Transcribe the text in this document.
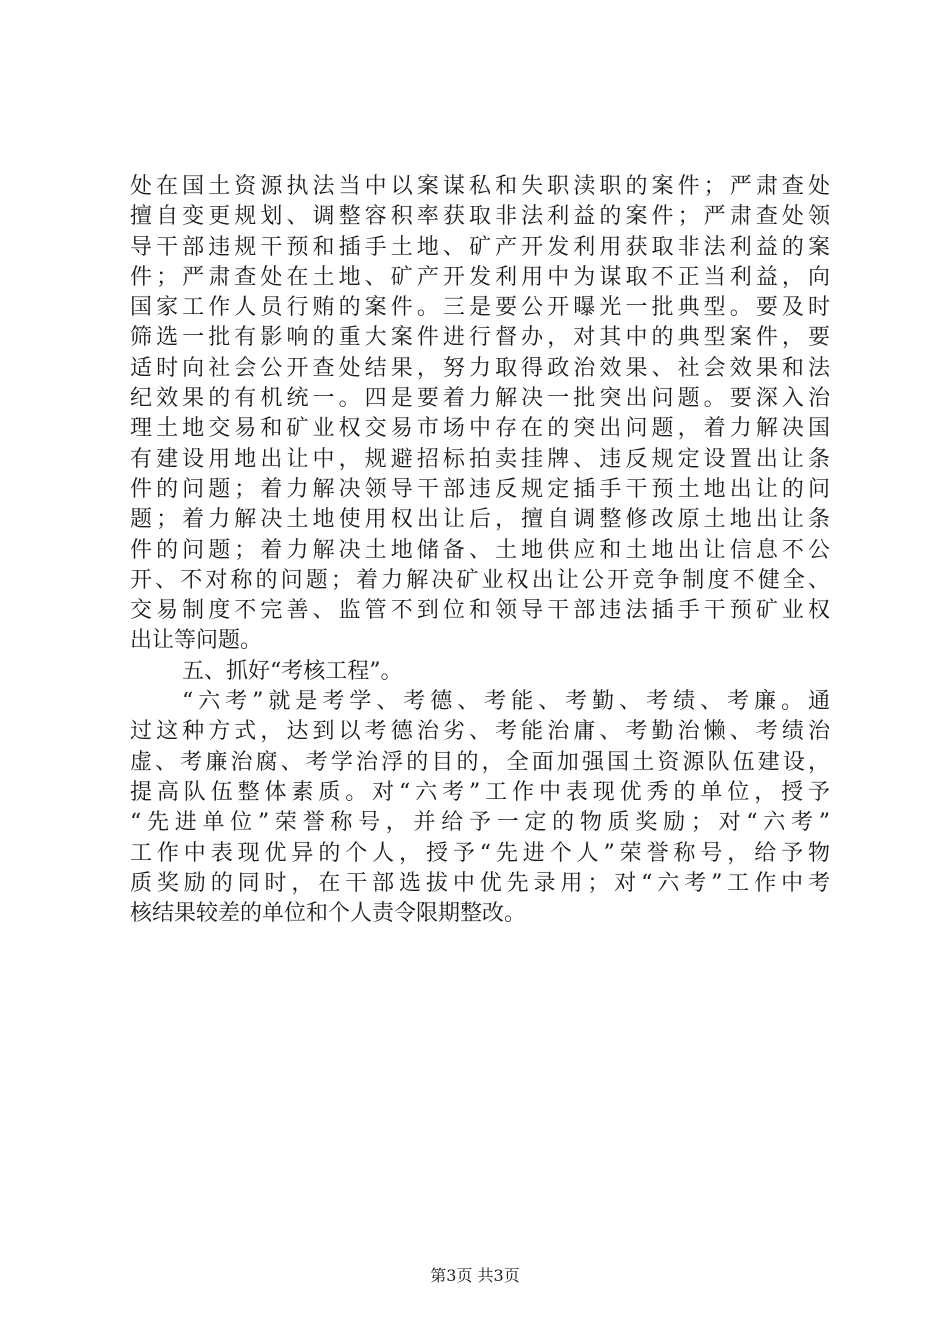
处在国土资源执法当中以案谋私和失职渎职的案件；严肃查处
擅自变更规划、调整容积率获取非法利益的案件；严肃查处领
导干部违规干预和插手土地、矿产开发利用获取非法利益的案
件；严肃查处在土地、矿产开发利用中为谋取不正当利益，向
国家工作人员行贿的案件。三是要公开曝光一批典型。要及时
筛选一批有影响的重大案件进行督办，对其中的典型案件，要
适时向社会公开查处结果，努力取得政治效果、社会效果和法
纪效果的有机统一。四是要着力解决一批突出问题。要深入治
理土地交易和矿业权交易市场中存在的突出问题，着力解决国
有建设用地出让中，规避招标拍卖挂牌、违反规定设置出让条
件的问题；着力解决领导干部违反规定插手干预土地出让的问
题；着力解决土地使用权出让后，擅自调整修改原土地出让条
件的问题；着力解决土地储备、土地供应和土地出让信息不公
开、不对称的问题；着力解决矿业权出让公开竞争制度不健全、
交易制度不完善、监管不到位和领导干部违法插手干预矿业权
出让等问题。
五、抓好“考核工程”。
“六考”就是考学、考德、考能、考勤、考绩、考廉。通
过这种方式，达到以考德治劣、考能治庸、考勤治懒、考绩治
虚、考廉治腐、考学治浮的目的，全面加强国土资源队伍建设，
提高队伍整体素质。对“六考”工作中表现优秀的单位，授予
“先进单位”荣誉称号，并给予一定的物质奖励；对“六考”
工作中表现优异的个人，授予“先进个人”荣誉称号，给予物
质奖励的同时，在干部选拔中优先录用；对“六考”工作中考
核结果较差的单位和个人责令限期整改。
第3页 共3页
